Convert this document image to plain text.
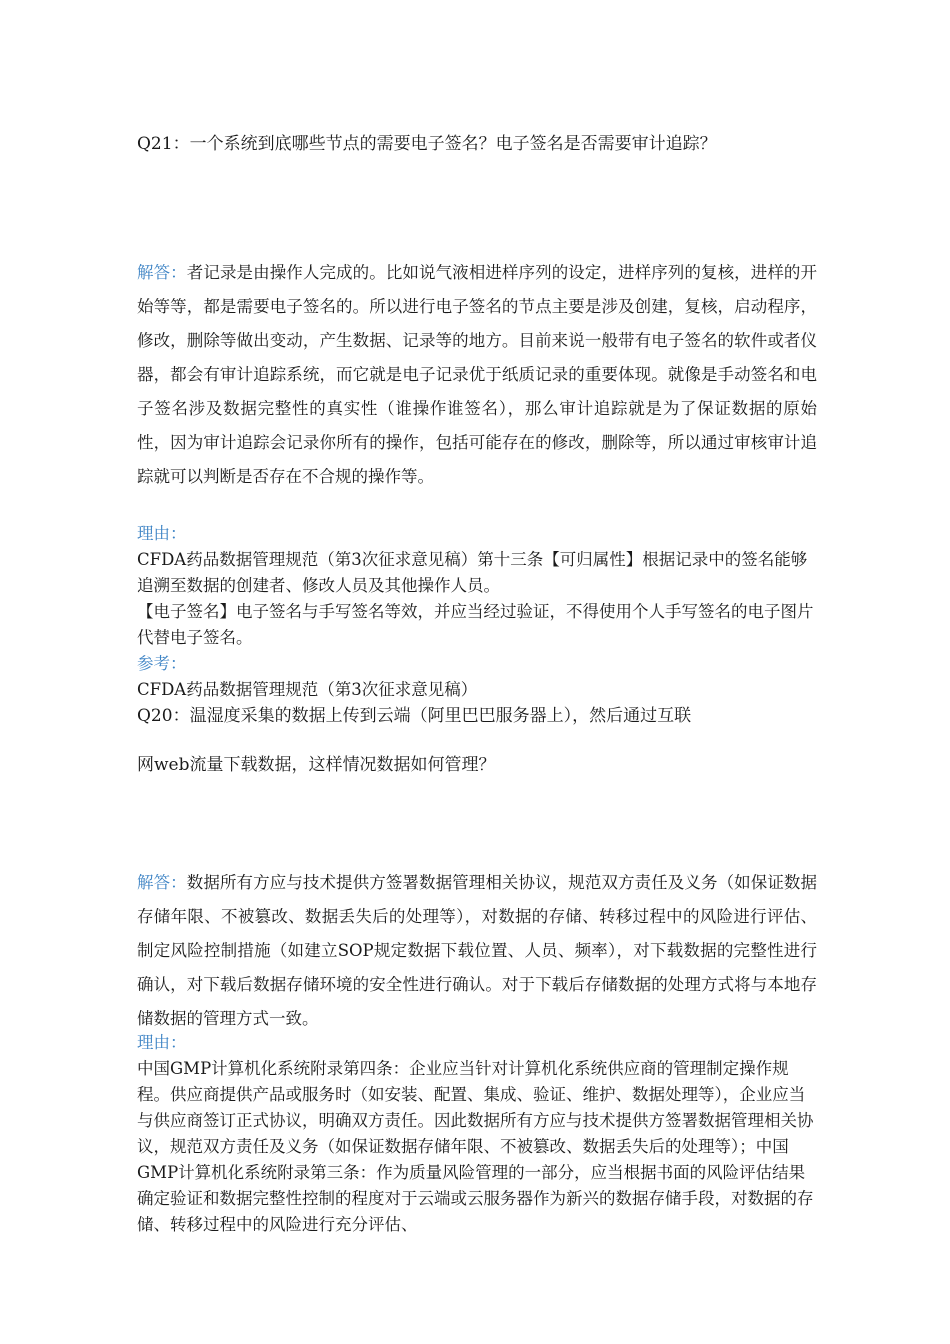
Q21：一个系统到底哪些节点的需要电子签名？电子签名是否需要审计追踪？

解答：者记录是由操作人完成的。比如说气液相进样序列的设定，进样序列的复核，进样的开始等等，都是需要电子签名的。所以进行电子签名的节点主要是涉及创建，复核，启动程序，修改，删除等做出变动，产生数据、记录等的地方。目前来说一般带有电子签名的软件或者仪器，都会有审计追踪系统，而它就是电子记录优于纸质记录的重要体现。就像是手动签名和电子签名涉及数据完整性的真实性（谁操作谁签名），那么审计追踪就是为了保证数据的原始性，因为审计追踪会记录你所有的操作，包括可能存在的修改，删除等，所以通过审核审计追踪就可以判断是否存在不合规的操作等。

理由：

CFDA药品数据管理规范（第3次征求意见稿）第十三条【可归属性】根据记录中的签名能够追溯至数据的创建者、修改人员及其他操作人员。

【电子签名】电子签名与手写签名等效，并应当经过验证，不得使用个人手写签名的电子图片代替电子签名。

参考：

CFDA药品数据管理规范（第3次征求意见稿）

Q20：温湿度采集的数据上传到云端（阿里巴巴服务器上），然后通过互联

网web流量下载数据，这样情况数据如何管理？

解答：数据所有方应与技术提供方签署数据管理相关协议，规范双方责任及义务（如保证数据存储年限、不被篡改、数据丢失后的处理等），对数据的存储、转移过程中的风险进行评估、制定风险控制措施（如建立SOP规定数据下载位置、人员、频率），对下载数据的完整性进行确认，对下载后数据存储环境的安全性进行确认。对于下载后存储数据的处理方式将与本地存储数据的管理方式一致。

理由：

中国GMP计算机化系统附录第四条：企业应当针对计算机化系统供应商的管理制定操作规程。供应商提供产品或服务时（如安装、配置、集成、验证、维护、数据处理等），企业应当与供应商签订正式协议，明确双方责任。因此数据所有方应与技术提供方签署数据管理相关协议，规范双方责任及义务（如保证数据存储年限、不被篡改、数据丢失后的处理等）；中国GMP计算机化系统附录第三条：作为质量风险管理的一部分，应当根据书面的风险评估结果确定验证和数据完整性控制的程度对于云端或云服务器作为新兴的数据存储手段，对数据的存储、转移过程中的风险进行充分评估、
